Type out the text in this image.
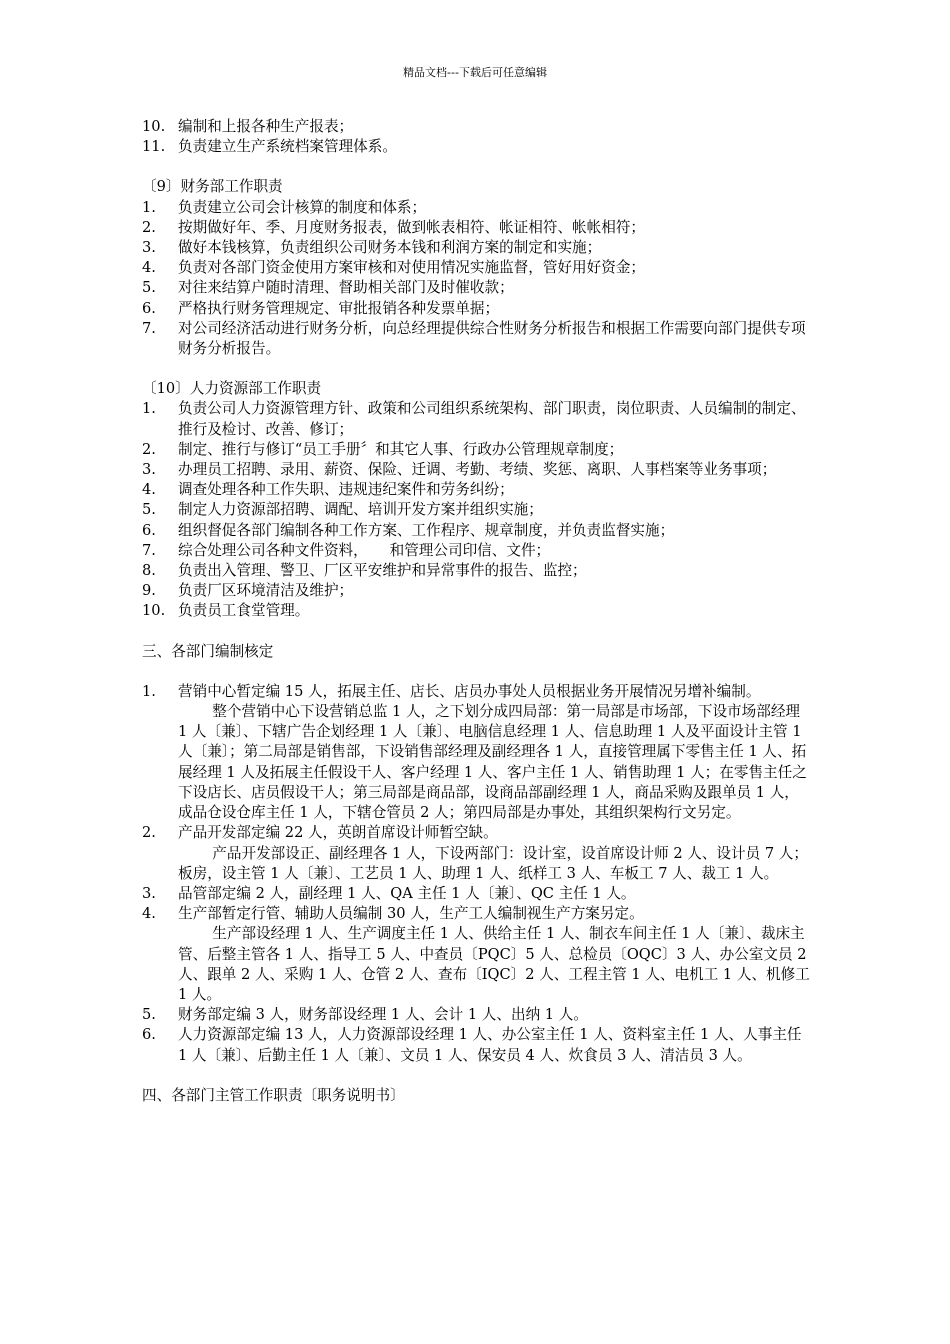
精品文档---下载后可任意编辑
10. 编制和上报各种生产报表；
11. 负责建立生产系统档案管理体系。

〔9〕财务部工作职责

1.	负责建立公司会计核算的制度和体系；
2.	按期做好年、季、月度财务报表，做到帐表相符、帐证相符、帐帐相符；
3.	做好本钱核算，负责组织公司财务本钱和利润方案的制定和实施；
4.	负责对各部门资金使用方案审核和对使用情况实施监督，管好用好资金；
5.	对往来结算户随时清理、督助相关部门及时催收款；
6.	严格执行财务管理规定、审批报销各种发票单据；
7.	对公司经济活动进行财务分析，向总经理提供综合性财务分析报告和根据工作需要向部门提供专项财务分析报告。

〔10〕人力资源部工作职责

1.	负责公司人力资源管理方针、政策和公司组织系统架构、部门职责，岗位职责、人员编制的制定、推行及检讨、改善、修订；
2.	制定、推行与修订“员工手册〞和其它人事、行政办公管理规章制度；
3.	办理员工招聘、录用、薪资、保险、迁调、考勤、考绩、奖惩、离职、人事档案等业务事项；
4.	调查处理各种工作失职、违规违纪案件和劳务纠纷；
5.	制定人力资源部招聘、调配、培训开发方案并组织实施；
6.	组织督促各部门编制各种工作方案、工作程序、规章制度，并负责监督实施；
7.	综合处理公司各种文件资料，　　和管理公司印信、文件；
8.	负责出入管理、警卫、厂区平安维护和异常事件的报告、监控；
9.	负责厂区环境清洁及维护；
10. 负责员工食堂管理。

三、各部门编制核定

1.	营销中心暂定编 15 人，拓展主任、店长、店员办事处人员根据业务开展情况另增补编制。
整个营销中心下设营销总监 1 人，之下划分成四局部：第一局部是市场部，下设市场部经理 1 人〔兼〕、下辖广告企划经理 1 人〔兼〕、电脑信息经理 1 人、信息助理 1 人及平面设计主管 1 人〔兼〕；第二局部是销售部，下设销售部经理及副经理各 1 人，直接管理属下零售主任 1 人、拓展经理 1 人及拓展主任假设干人、客户经理 1 人、客户主任 1 人、销售助理 1 人；在零售主任之下设店长、店员假设干人；第三局部是商品部，设商品部副经理 1 人，商品采购及跟单员 1 人，成品仓设仓库主任 1 人，下辖仓管员 2 人；第四局部是办事处，其组织架构行文另定。
2.	产品开发部定编 22 人，英朗首席设计师暂空缺。
产品开发部设正、副经理各 1 人，下设两部门：设计室，设首席设计师 2 人、设计员 7 人；板房，设主管 1 人〔兼〕、工艺员 1 人、助理 1 人、纸样工 3 人、车板工 7 人、裁工 1 人。
3.	品管部定编 2 人，副经理 1 人、QA 主任 1 人〔兼〕、QC 主任 1 人。
4.	生产部暂定行管、辅助人员编制 30 人，生产工人编制视生产方案另定。
生产部设经理 1 人、生产调度主任 1 人、供给主任 1 人、制衣车间主任 1 人〔兼〕、裁床主管、后整主管各 1 人、指导工 5 人、中查员〔PQC〕5 人、总检员〔OQC〕3 人、办公室文员 2 人、跟单 2 人、采购 1 人、仓管 2 人、查布〔IQC〕2 人、工程主管 1 人、电机工 1 人、机修工 1 人。
5.	财务部定编 3 人，财务部设经理 1 人、会计 1 人、出纳 1 人。
6.	人力资源部定编 13 人，人力资源部设经理 1 人、办公室主任 1 人、资料室主任 1 人、人事主任 1 人〔兼〕、后勤主任 1 人〔兼〕、文员 1 人、保安员 4 人、炊食员 3 人、清洁员 3 人。

四、各部门主管工作职责〔职务说明书〕
